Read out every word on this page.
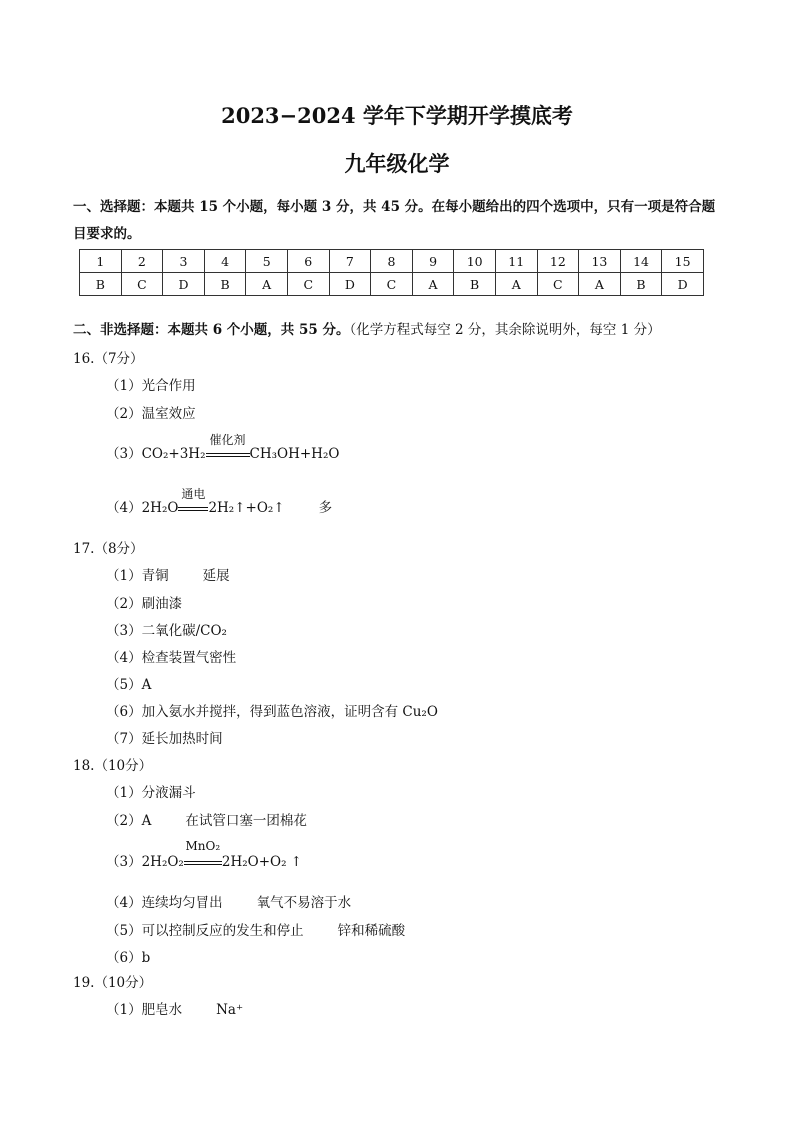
2023−2024 学年下学期开学摸底考
九年级化学
一、选择题：本题共 15 个小题，每小题 3 分，共 45 分。在每小题给出的四个选项中，只有一项是符合题
目要求的。
1	2	3	4	5	6	7	8	9	10	11	12	13	14	15
B	C	D	B	A	C	D	C	A	B	A	C	A	B	D
二、非选择题：本题共 6 个小题，共 55 分。（化学方程式每空 2 分，其余除说明外，每空 1 分）
16.（7分）
（1）光合作用
（2）温室效应
（3）CO₂+3H₂
催化剂
CH₃OH+H₂O
（4）2H₂O
通电
2H₂↑+O₂↑	多
17.（8分）
（1）青铜	延展
（2）刷油漆
（3）二氧化碳/CO₂
（4）检查装置气密性
（5）A
（6）加入氨水并搅拌，得到蓝色溶液，证明含有 Cu₂O
（7）延长加热时间
18.（10分）
（1）分液漏斗
（2）A	在试管口塞一团棉花
（3）2H₂O₂
MnO₂
2H₂O+O₂ ↑
（4）连续均匀冒出	氧气不易溶于水
（5）可以控制反应的发生和停止	锌和稀硫酸
（6）b
19.（10分）
（1）肥皂水	Na⁺
